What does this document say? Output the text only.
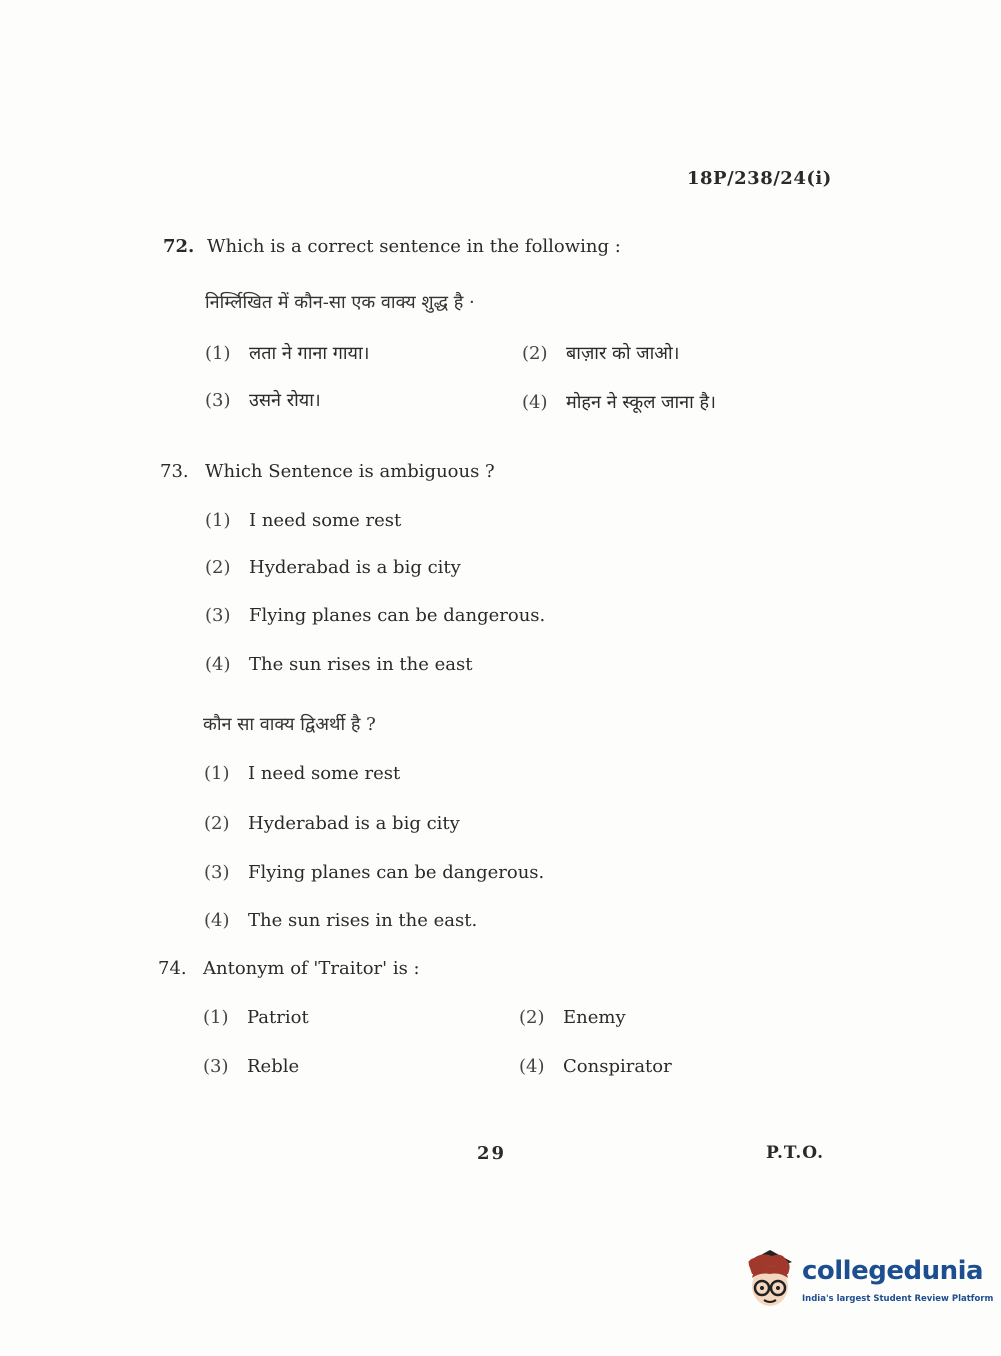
18P/238/24(i)
72. Which is a correct sentence in the following :
निर्म्लिखित में कौन-सा एक वाक्य शुद्ध है ·
(1) लता ने गाना गाया।	(2) बाज़ार को जाओ।
(3) उसने रोया।	(4) मोहन ने स्कूल जाना है।
73. Which Sentence is ambiguous ?
(1) I need some rest
(2) Hyderabad is a big city
(3) Flying planes can be dangerous.
(4) The sun rises in the east
कौन सा वाक्य द्विअर्थी है ?
(1) I need some rest
(2) Hyderabad is a big city
(3) Flying planes can be dangerous.
(4) The sun rises in the east.
74. Antonym of 'Traitor' is :
(1) Patriot	(2) Enemy
(3) Reble	(4) Conspirator
29	P.T.O.
collegedunia
India's largest Student Review Platform
